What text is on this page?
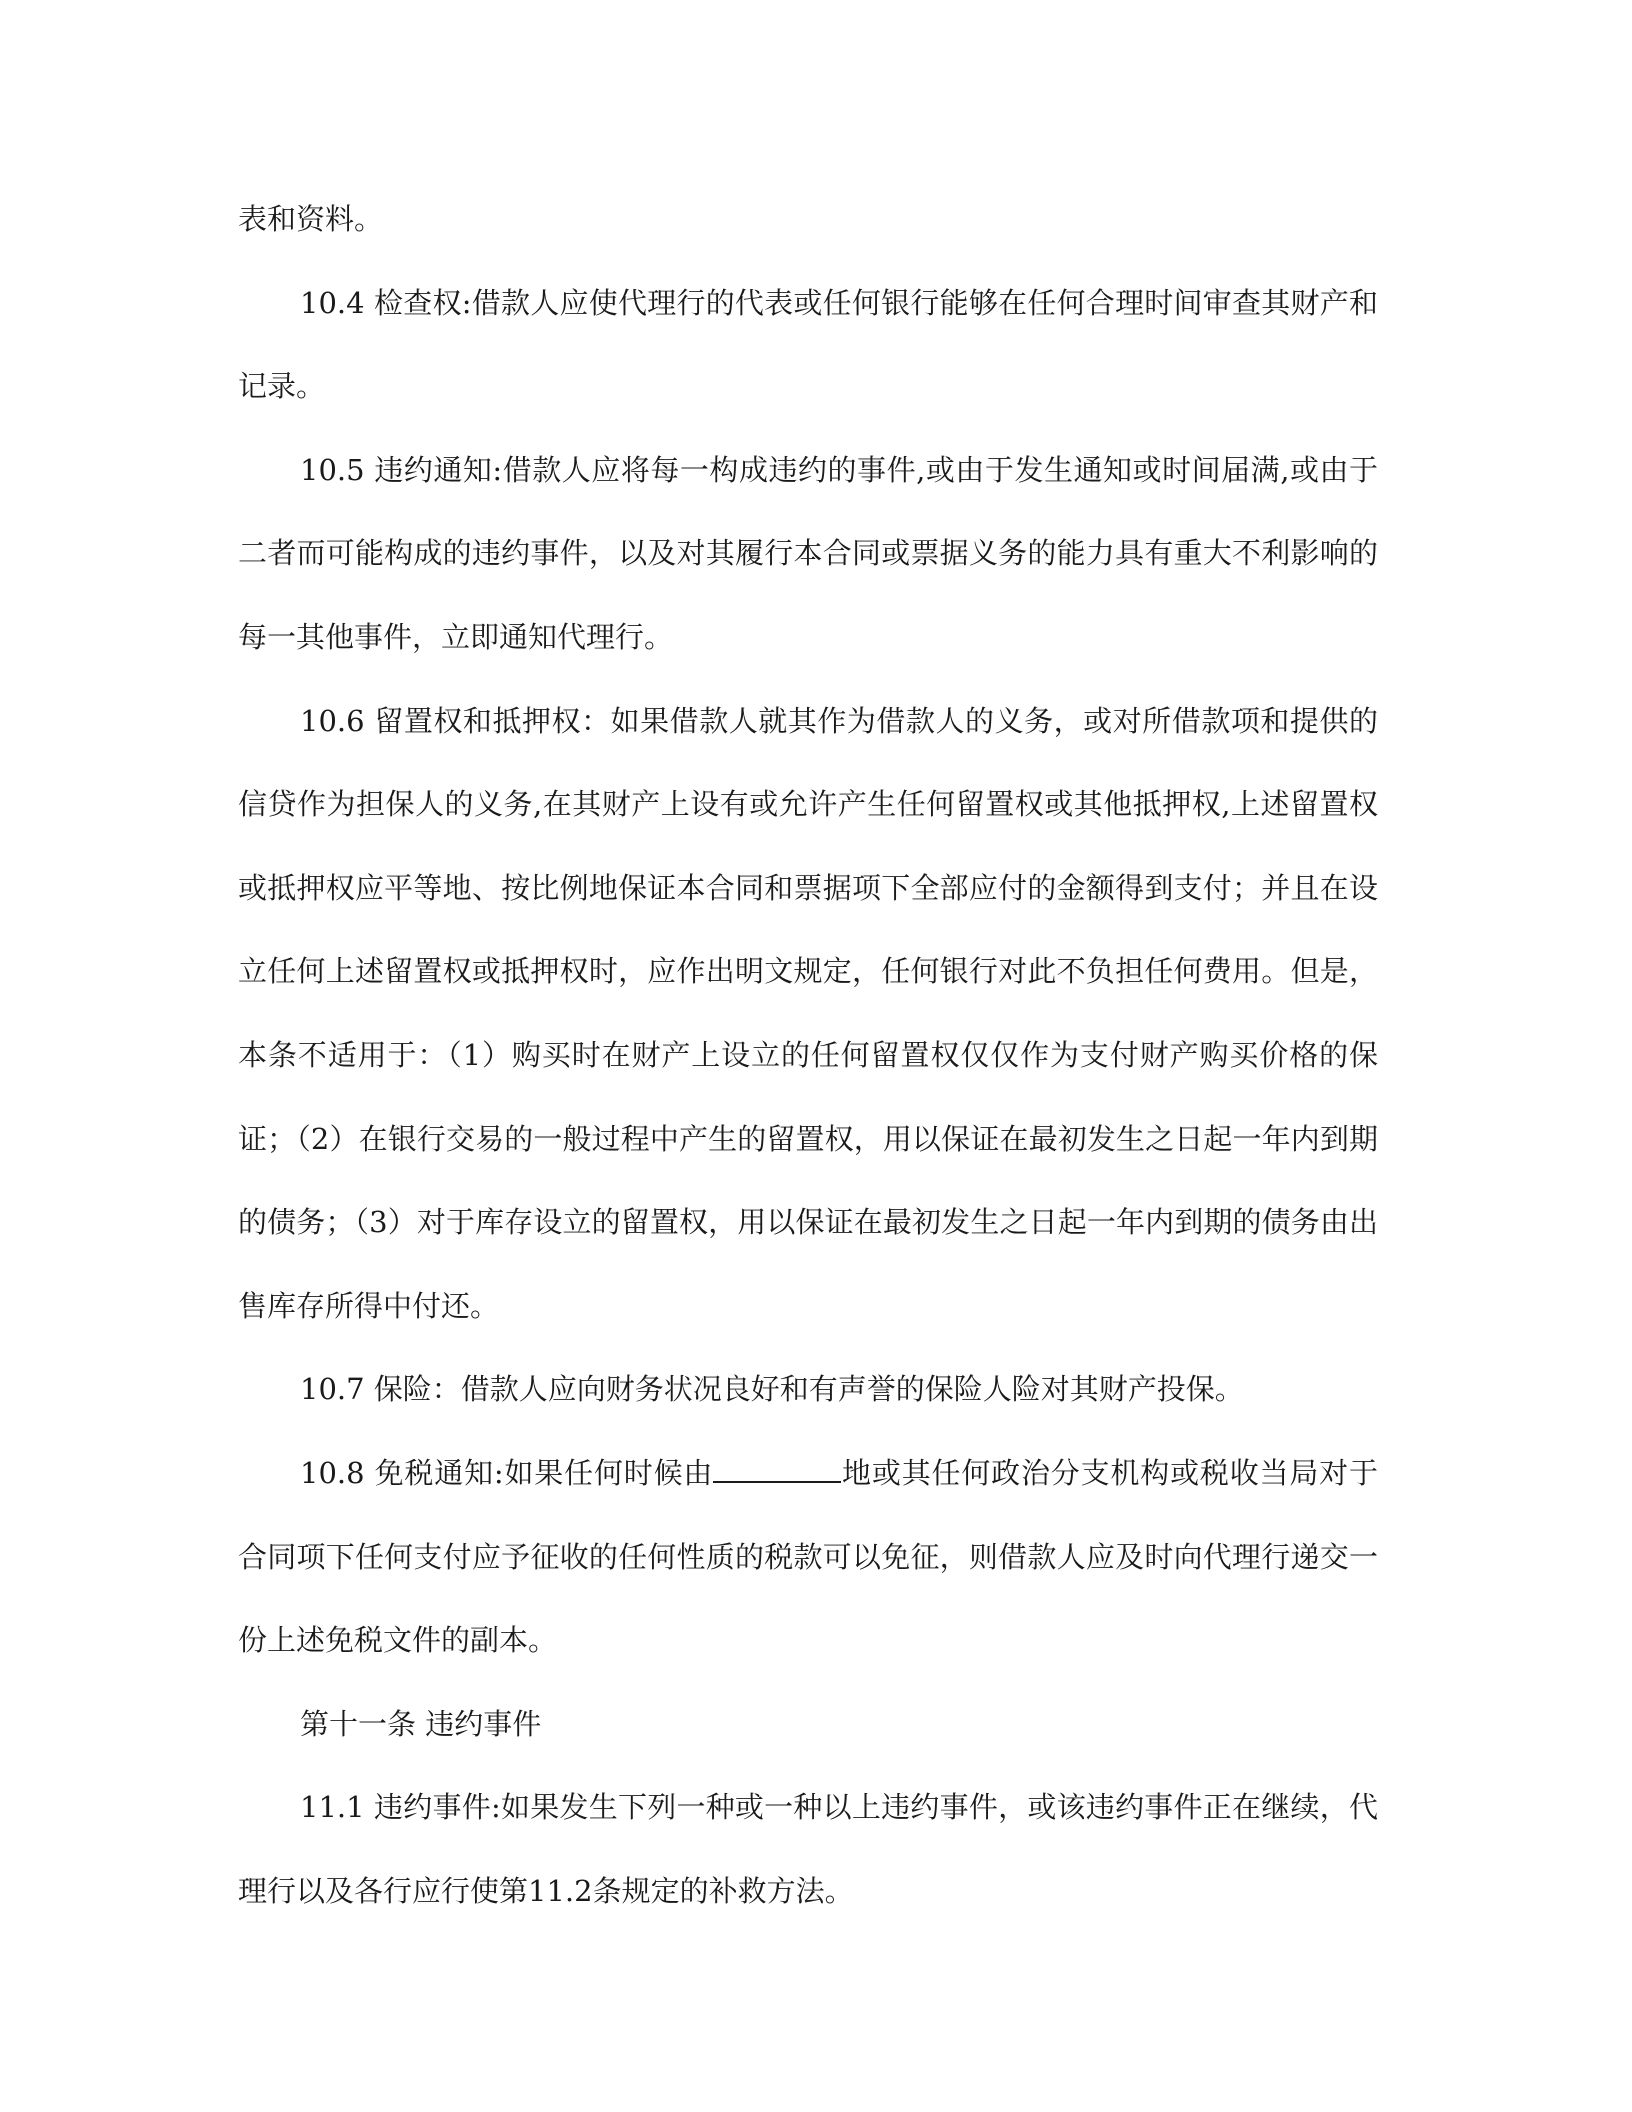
表和资料。

10.4 检查权:借款人应使代理行的代表或任何银行能够在任何合理时间审查其财产和记录。

10.5 违约通知:借款人应将每一构成违约的事件,或由于发生通知或时间届满,或由于二者而可能构成的违约事件，以及对其履行本合同或票据义务的能力具有重大不利影响的每一其他事件，立即通知代理行。

10.6 留置权和抵押权：如果借款人就其作为借款人的义务，或对所借款项和提供的信贷作为担保人的义务,在其财产上设有或允许产生任何留置权或其他抵押权,上述留置权或抵押权应平等地、按比例地保证本合同和票据项下全部应付的金额得到支付；并且在设立任何上述留置权或抵押权时，应作出明文规定，任何银行对此不负担任何费用。但是，本条不适用于：（1）购买时在财产上设立的任何留置权仅仅作为支付财产购买价格的保证；（2）在银行交易的一般过程中产生的留置权，用以保证在最初发生之日起一年内到期的债务；（3）对于库存设立的留置权，用以保证在最初发生之日起一年内到期的债务由出售库存所得中付还。

10.7 保险：借款人应向财务状况良好和有声誉的保险人险对其财产投保。

10.8 免税通知:如果任何时候由	地或其任何政治分支机构或税收当局对于合同项下任何支付应予征收的任何性质的税款可以免征，则借款人应及时向代理行递交一份上述免税文件的副本。

第十一条 违约事件

11.1 违约事件:如果发生下列一种或一种以上违约事件，或该违约事件正在继续，代理行以及各行应行使第11.2条规定的补救方法。
